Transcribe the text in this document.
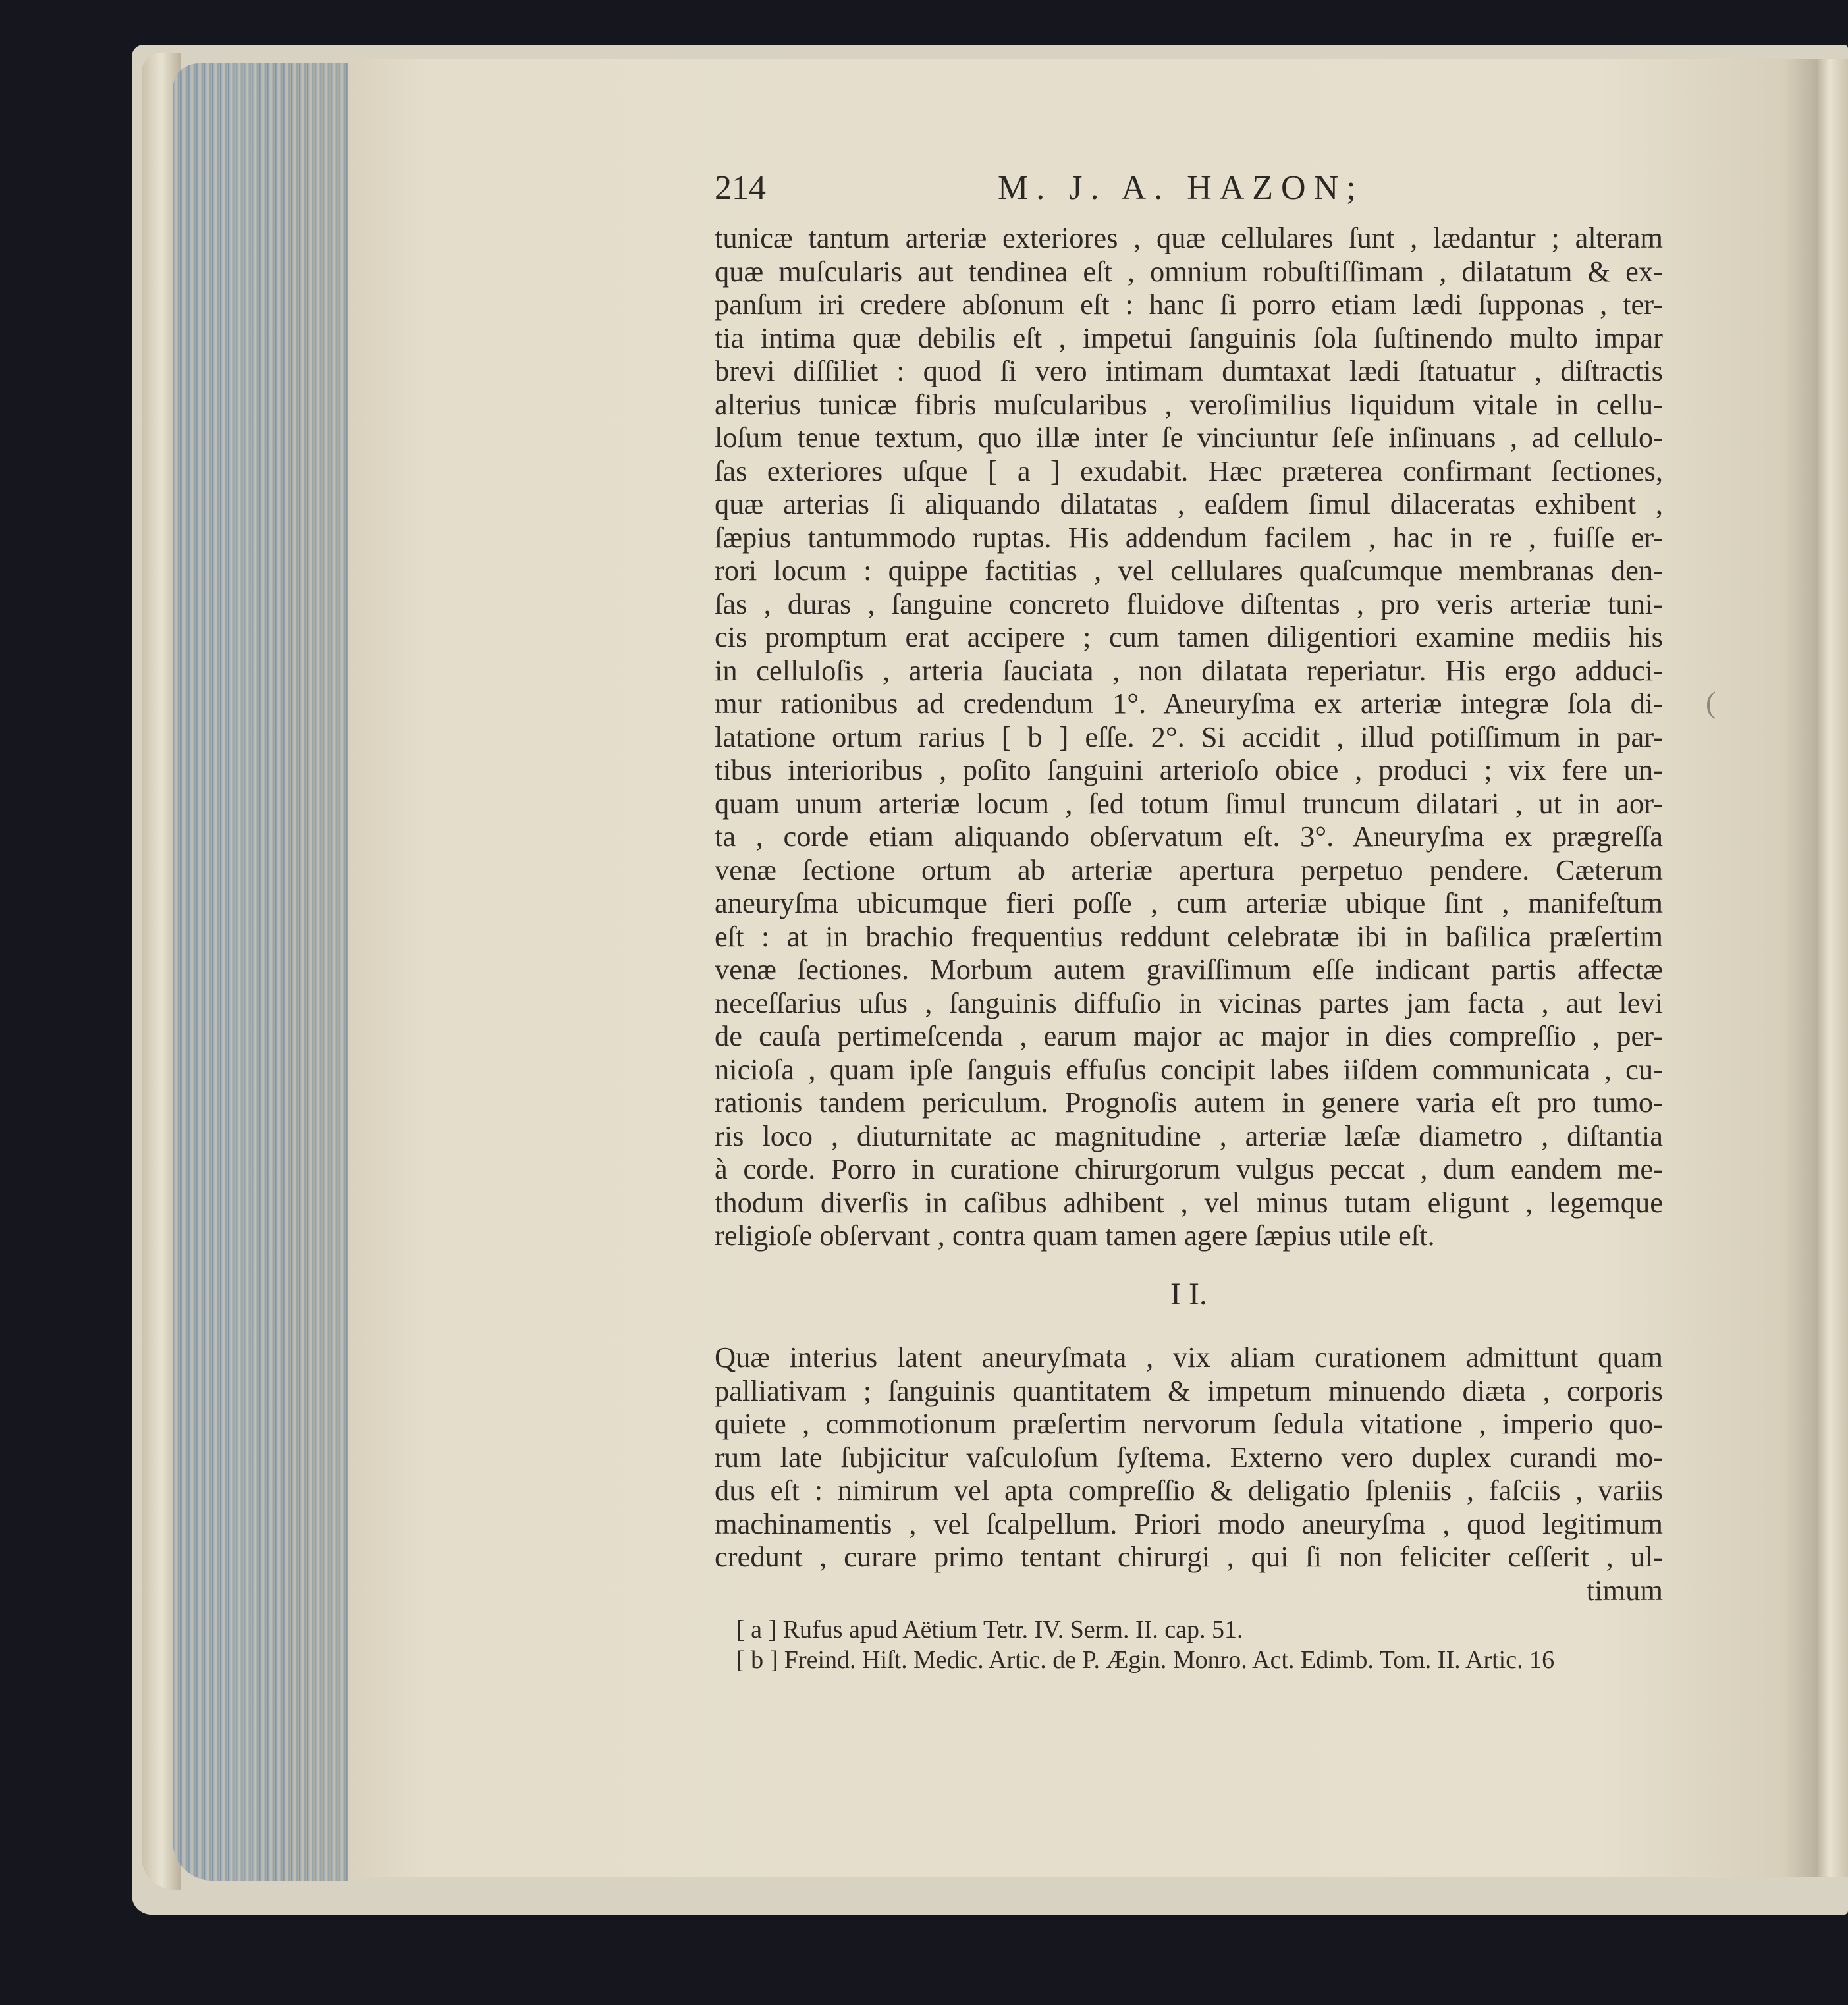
214	M. J. A. HAZON;
tunicæ tantum arteriæ exteriores , quæ cellulares ſunt , lædantur ; alteram
quæ muſcularis aut tendinea eſt , omnium robuſtiſſimam , dilatatum & ex-
panſum iri credere abſonum eſt : hanc ſi porro etiam lædi ſupponas , ter-
tia intima quæ debilis eſt , impetui ſanguinis ſola ſuſtinendo multo impar
brevi diſſiliet : quod ſi vero intimam dumtaxat lædi ſtatuatur , diſtractis
alterius tunicæ fibris muſcularibus , veroſimilius liquidum vitale in cellu-
loſum tenue textum, quo illæ inter ſe vinciuntur ſeſe inſinuans , ad cellulo-
ſas exteriores uſque [ a ] exudabit. Hæc præterea confirmant ſectiones,
quæ arterias ſi aliquando dilatatas , eaſdem ſimul dilaceratas exhibent ,
ſæpius tantummodo ruptas. His addendum facilem , hac in re , fuiſſe er-
rori locum : quippe factitias , vel cellulares quaſcumque membranas den-
ſas , duras , ſanguine concreto fluidove diſtentas , pro veris arteriæ tuni-
cis promptum erat accipere ; cum tamen diligentiori examine mediis his
in celluloſis , arteria ſauciata , non dilatata reperiatur. His ergo adduci-
mur rationibus ad credendum 1°. Aneuryſma ex arteriæ integræ ſola di-
latatione ortum rarius [ b ] eſſe. 2°. Si accidit , illud potiſſimum in par-
tibus interioribus , poſito ſanguini arterioſo obice , produci ; vix fere un-
quam unum arteriæ locum , ſed totum ſimul truncum dilatari , ut in aor-
ta , corde etiam aliquando obſervatum eſt. 3°. Aneuryſma ex prægreſſa
venæ ſectione ortum ab arteriæ apertura perpetuo pendere. Cæterum
aneuryſma ubicumque fieri poſſe , cum arteriæ ubique ſint , manifeſtum
eſt : at in brachio frequentius reddunt celebratæ ibi in baſilica præſertim
venæ ſectiones. Morbum autem graviſſimum eſſe indicant partis affectæ
neceſſarius uſus , ſanguinis diffuſio in vicinas partes jam facta , aut levi
de cauſa pertimeſcenda , earum major ac major in dies compreſſio , per-
nicioſa , quam ipſe ſanguis effuſus concipit labes iiſdem communicata , cu-
rationis tandem periculum. Prognoſis autem in genere varia eſt pro tumo-
ris loco , diuturnitate ac magnitudine , arteriæ læſæ diametro , diſtantia
à corde. Porro in curatione chirurgorum vulgus peccat , dum eandem me-
thodum diverſis in caſibus adhibent , vel minus tutam eligunt , legemque
religioſe obſervant , contra quam tamen agere ſæpius utile eſt.
I I.
Quæ interius latent aneuryſmata , vix aliam curationem admittunt quam
palliativam ; ſanguinis quantitatem & impetum minuendo diæta , corporis
quiete , commotionum præſertim nervorum ſedula vitatione , imperio quo-
rum late ſubjicitur vaſculoſum ſyſtema. Externo vero duplex curandi mo-
dus eſt : nimirum vel apta compreſſio & deligatio ſpleniis , faſciis , variis
machinamentis , vel ſcalpellum. Priori modo aneuryſma , quod legitimum
credunt , curare primo tentant chirurgi , qui ſi non feliciter ceſſerit , ul-
timum
[ a ] Rufus apud Aëtium Tetr. IV. Serm. II. cap. 51.
[ b ] Freind. Hiſt. Medic. Artic. de P. Ægin. Monro. Act. Edimb. Tom. II. Artic. 16
(
